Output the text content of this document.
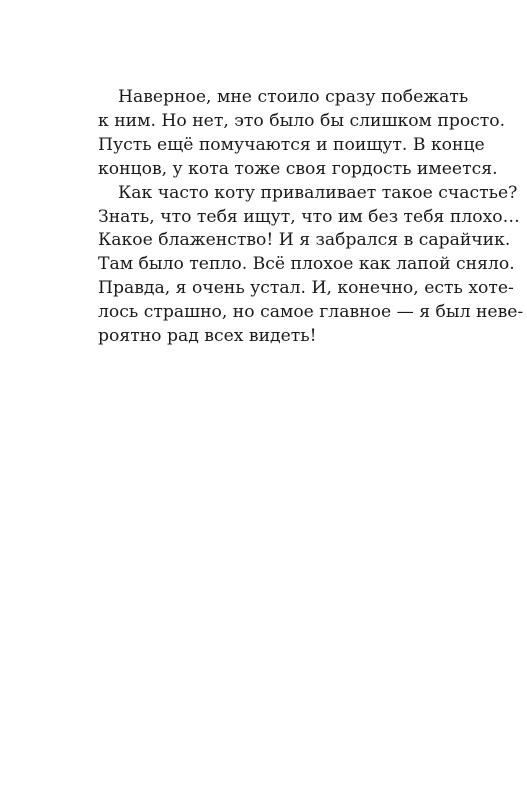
Наверное, мне стоило сразу побежать
к ним. Но нет, это было бы слишком просто.
Пусть ещё помучаются и поищут. В конце
концов, у кота тоже своя гордость имеется.
Как часто коту приваливает такое счастье?
Знать, что тебя ищут, что им без тебя плохо…
Какое блаженство! И я забрался в сарайчик.
Там было тепло. Всё плохое как лапой сняло.
Правда, я очень устал. И, конечно, есть хоте-
лось страшно, но самое главное — я был неве-
роятно рад всех видеть!
